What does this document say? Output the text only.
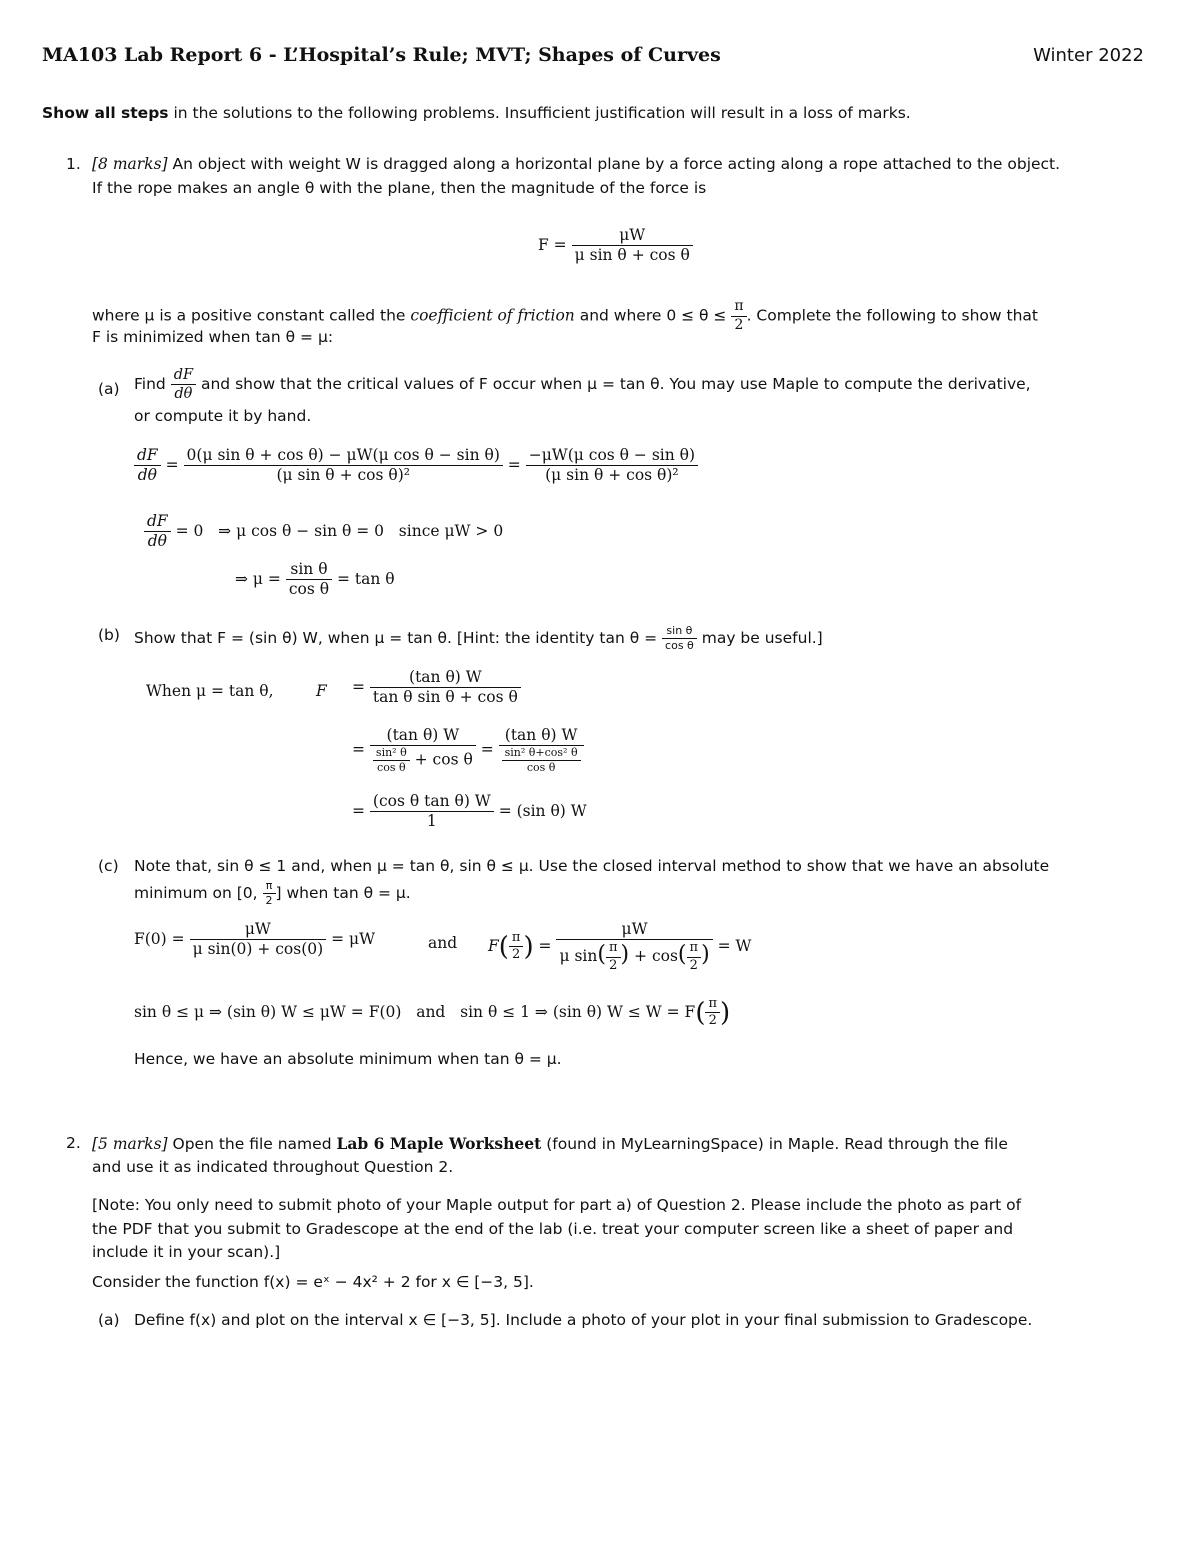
MA103 Lab Report 6 - L’Hospital’s Rule; MVT; Shapes of Curves	Winter 2022
Show all steps in the solutions to the following problems. Insufficient justification will result in a loss of marks.
1. [8 marks] An object with weight W is dragged along a horizontal plane by a force acting along a rope attached to the object.
If the rope makes an angle θ with the plane, then the magnitude of the force is
$F = \frac{\mu W}{\text{μ sin θ + cos θ}}$
where μ is a positive constant called the coefficient of friction and where $0 \le \theta \le \frac{\pi}{2}$ . Complete the following to show that
F is minimized when tan θ = μ:
(a) Find $\frac{dF}{d\theta}$ and show that the critical values of F occur when μ = tan θ. You may use Maple to compute the derivative,
or compute it by hand.
$\frac{dF}{d\theta} = \frac{\text{0(μ sin θ + cos θ) − μW(μ cos θ − sin θ)}}{\text{(μ sin θ + cos θ)²}} = \frac{\text{−μW(μ cos θ − sin θ)}}{\text{(μ sin θ + cos θ)²}}$
$\frac{dF}{d\theta} = 0$   ⇒ μ cos θ − sin θ = 0   since μW > 0
⇒ $\mu = \frac{\text{sin θ}}{\text{cos θ}} = \tan \theta$
(b) Show that F = (sin θ) W, when μ = tan θ. [Hint: the identity $\tan \theta = \frac{\text{sin θ}}{\text{cos θ}}$ may be useful.]
When μ = tan θ,	$F = \frac{\text{(tan θ) W}}{\text{tan θ sin θ + cos θ}}$
= $\frac{\text{(tan θ) W}}{\frac{\text{sin² θ}}{\text{cos θ}} + \cos \theta} = \frac{\text{(tan θ) W}}{\frac{\text{sin² θ+cos² θ}}{\text{cos θ}}}$
= $\frac{\text{(cos θ tan θ) W}}{1} = (\sin$ θ) W
(c) Note that, sin θ ≤ 1 and, when μ = tan θ, sin θ ≤ μ. Use the closed interval method to show that we have an absolute
minimum on [0, $\frac{\pi}{2}$ ] when tan θ = μ.
$F(0) = \frac{\mu W}{\text{μ sin(0) + cos(0)}} = \mu W$	and $F( \frac{\pi}{2}$ ) = $\frac{\mu W}{\mu \sin( \frac{\pi}{2} ) + \cos( \frac{\pi}{2} )} = W$
sin θ ≤ μ ⇒ (sin θ) W ≤ μW = F(0) and sin θ ≤ 1 ⇒ (sin θ) $W \le W = F( \frac{\pi}{2}$ )
Hence, we have an absolute minimum when tan θ = μ.
2. [5 marks] Open the file named Lab 6 Maple Worksheet (found in MyLearningSpace) in Maple. Read through the file
and use it as indicated throughout Question 2.
[Note: You only need to submit photo of your Maple output for part a) of Question 2. Please include the photo as part of
the PDF that you submit to Gradescope at the end of the lab (i.e. treat your computer screen like a sheet of paper and
include it in your scan).]
Consider the function f(x) = eˣ − 4x² + 2 for x ∈ [−3, 5].
(a) Define f(x) and plot on the interval x ∈ [−3, 5]. Include a photo of your plot in your final submission to Gradescope.
